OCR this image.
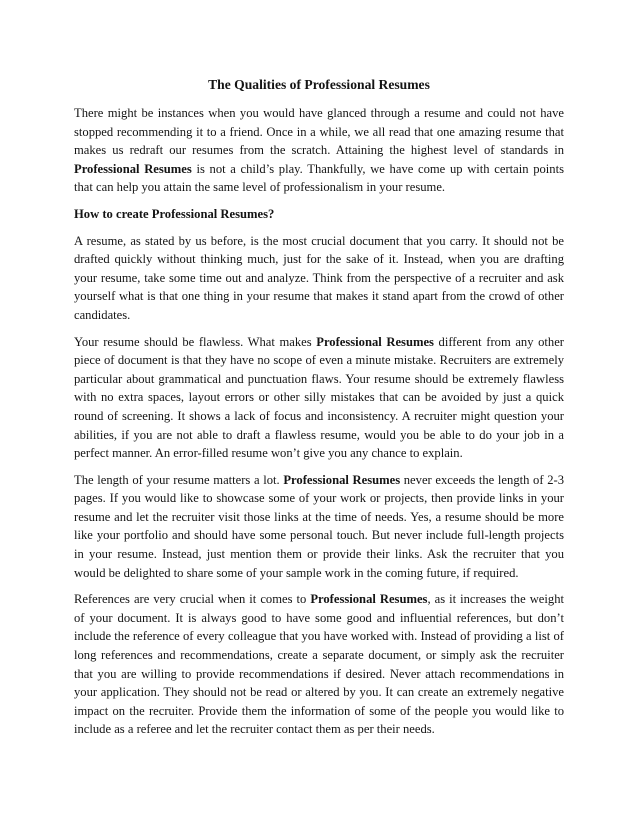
The Qualities of Professional Resumes

There might be instances when you would have glanced through a resume and could not have stopped recommending it to a friend. Once in a while, we all read that one amazing resume that makes us redraft our resumes from the scratch. Attaining the highest level of standards in Professional Resumes is not a child’s play. Thankfully, we have come up with certain points that can help you attain the same level of professionalism in your resume.

How to create Professional Resumes?

A resume, as stated by us before, is the most crucial document that you carry. It should not be drafted quickly without thinking much, just for the sake of it. Instead, when you are drafting your resume, take some time out and analyze. Think from the perspective of a recruiter and ask yourself what is that one thing in your resume that makes it stand apart from the crowd of other candidates.

Your resume should be flawless. What makes Professional Resumes different from any other piece of document is that they have no scope of even a minute mistake. Recruiters are extremely particular about grammatical and punctuation flaws. Your resume should be extremely flawless with no extra spaces, layout errors or other silly mistakes that can be avoided by just a quick round of screening. It shows a lack of focus and inconsistency. A recruiter might question your abilities, if you are not able to draft a flawless resume, would you be able to do your job in a perfect manner. An error-filled resume won’t give you any chance to explain.

The length of your resume matters a lot. Professional Resumes never exceeds the length of 2-3 pages. If you would like to showcase some of your work or projects, then provide links in your resume and let the recruiter visit those links at the time of needs. Yes, a resume should be more like your portfolio and should have some personal touch. But never include full-length projects in your resume. Instead, just mention them or provide their links. Ask the recruiter that you would be delighted to share some of your sample work in the coming future, if required.

References are very crucial when it comes to Professional Resumes, as it increases the weight of your document. It is always good to have some good and influential references, but don’t include the reference of every colleague that you have worked with. Instead of providing a list of long references and recommendations, create a separate document, or simply ask the recruiter that you are willing to provide recommendations if desired. Never attach recommendations in your application. They should not be read or altered by you. It can create an extremely negative impact on the recruiter. Provide them the information of some of the people you would like to include as a referee and let the recruiter contact them as per their needs.
